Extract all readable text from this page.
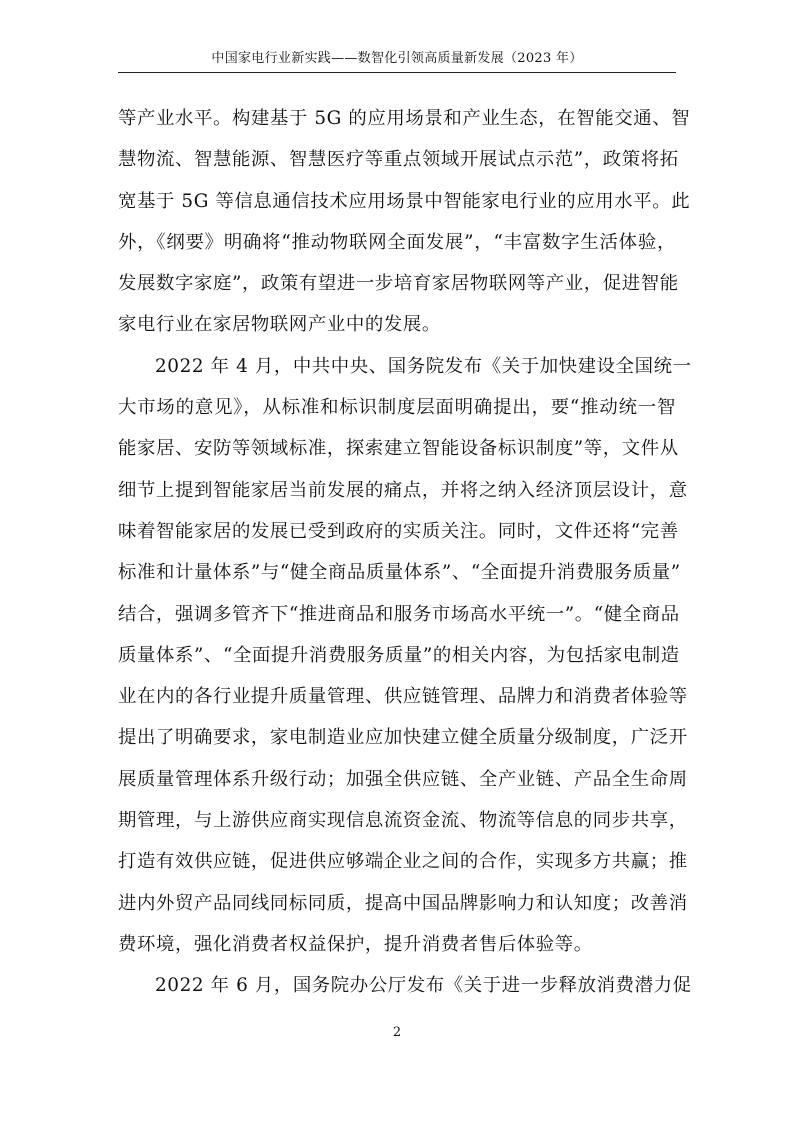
中国家电行业新实践——数智化引领高质量新发展（2023 年）

等产业水平。构建基于 5G 的应用场景和产业生态，在智能交通、智
慧物流、智慧能源、智慧医疗等重点领域开展试点示范”，政策将拓
宽基于 5G 等信息通信技术应用场景中智能家电行业的应用水平。此
外，《纲要》明确将“推动物联网全面发展”，“丰富数字生活体验，
发展数字家庭”，政策有望进一步培育家居物联网等产业，促进智能
家电行业在家居物联网产业中的发展。

2022 年 4 月，中共中央、国务院发布《关于加快建设全国统一
大市场的意见》，从标准和标识制度层面明确提出，要“推动统一智
能家居、安防等领域标准，探索建立智能设备标识制度”等，文件从
细节上提到智能家居当前发展的痛点，并将之纳入经济顶层设计，意
味着智能家居的发展已受到政府的实质关注。同时，文件还将“完善
标准和计量体系”与“健全商品质量体系”、“全面提升消费服务质量”
结合，强调多管齐下“推进商品和服务市场高水平统一”。“健全商品
质量体系”、“全面提升消费服务质量”的相关内容，为包括家电制造
业在内的各行业提升质量管理、供应链管理、品牌力和消费者体验等
提出了明确要求，家电制造业应加快建立健全质量分级制度，广泛开
展质量管理体系升级行动；加强全供应链、全产业链、产品全生命周
期管理，与上游供应商实现信息流资金流、物流等信息的同步共享，
打造有效供应链，促进供应够端企业之间的合作，实现多方共赢；推
进内外贸产品同线同标同质，提高中国品牌影响力和认知度；改善消
费环境，强化消费者权益保护，提升消费者售后体验等。

2022 年 6 月，国务院办公厅发布《关于进一步释放消费潜力促

2
